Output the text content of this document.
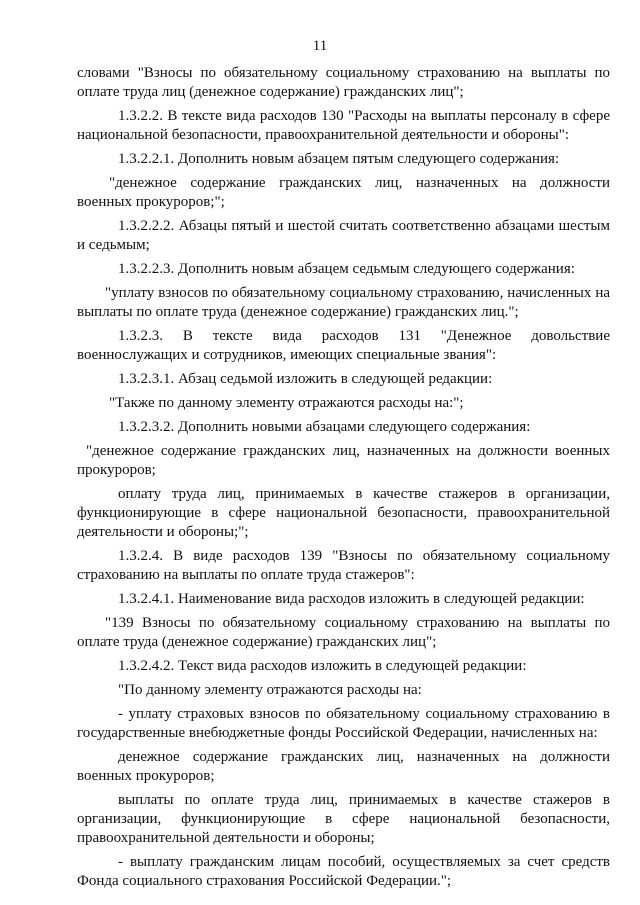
11

словами "Взносы по обязательному социальному страхованию на выплаты по оплате труда лиц (денежное содержание) гражданских лиц";

1.3.2.2. В тексте вида расходов 130 "Расходы на выплаты персоналу в сфере национальной безопасности, правоохранительной деятельности и обороны":

1.3.2.2.1. Дополнить новым абзацем пятым следующего содержания:

"денежное содержание гражданских лиц, назначенных на должности военных прокуроров;";

1.3.2.2.2. Абзацы пятый и шестой считать соответственно абзацами шестым и седьмым;

1.3.2.2.3. Дополнить новым абзацем седьмым следующего содержания:

"уплату взносов по обязательному социальному страхованию, начисленных на выплаты по оплате труда (денежное содержание) гражданских лиц.";

1.3.2.3. В тексте вида расходов 131 "Денежное довольствие военнослужащих и сотрудников, имеющих специальные звания":

1.3.2.3.1. Абзац седьмой изложить в следующей редакции:

"Также по данному элементу отражаются расходы на:";

1.3.2.3.2. Дополнить новыми абзацами следующего содержания:

"денежное содержание гражданских лиц, назначенных на должности военных прокуроров;

оплату труда лиц, принимаемых в качестве стажеров в организации, функционирующие в сфере национальной безопасности, правоохранительной деятельности и обороны;";

1.3.2.4. В виде расходов 139 "Взносы по обязательному социальному страхованию на выплаты по оплате труда стажеров":

1.3.2.4.1. Наименование вида расходов изложить в следующей редакции:

"139 Взносы по обязательному социальному страхованию на выплаты по оплате труда (денежное содержание) гражданских лиц";

1.3.2.4.2. Текст вида расходов изложить в следующей редакции:

"По данному элементу отражаются расходы на:

- уплату страховых взносов по обязательному социальному страхованию в государственные внебюджетные фонды Российской Федерации, начисленных на:

денежное содержание гражданских лиц, назначенных на должности военных прокуроров;

выплаты по оплате труда лиц, принимаемых в качестве стажеров в организации, функционирующие в сфере национальной безопасности, правоохранительной деятельности и обороны;

- выплату гражданским лицам пособий, осуществляемых за счет средств Фонда социального страхования Российской Федерации.";
